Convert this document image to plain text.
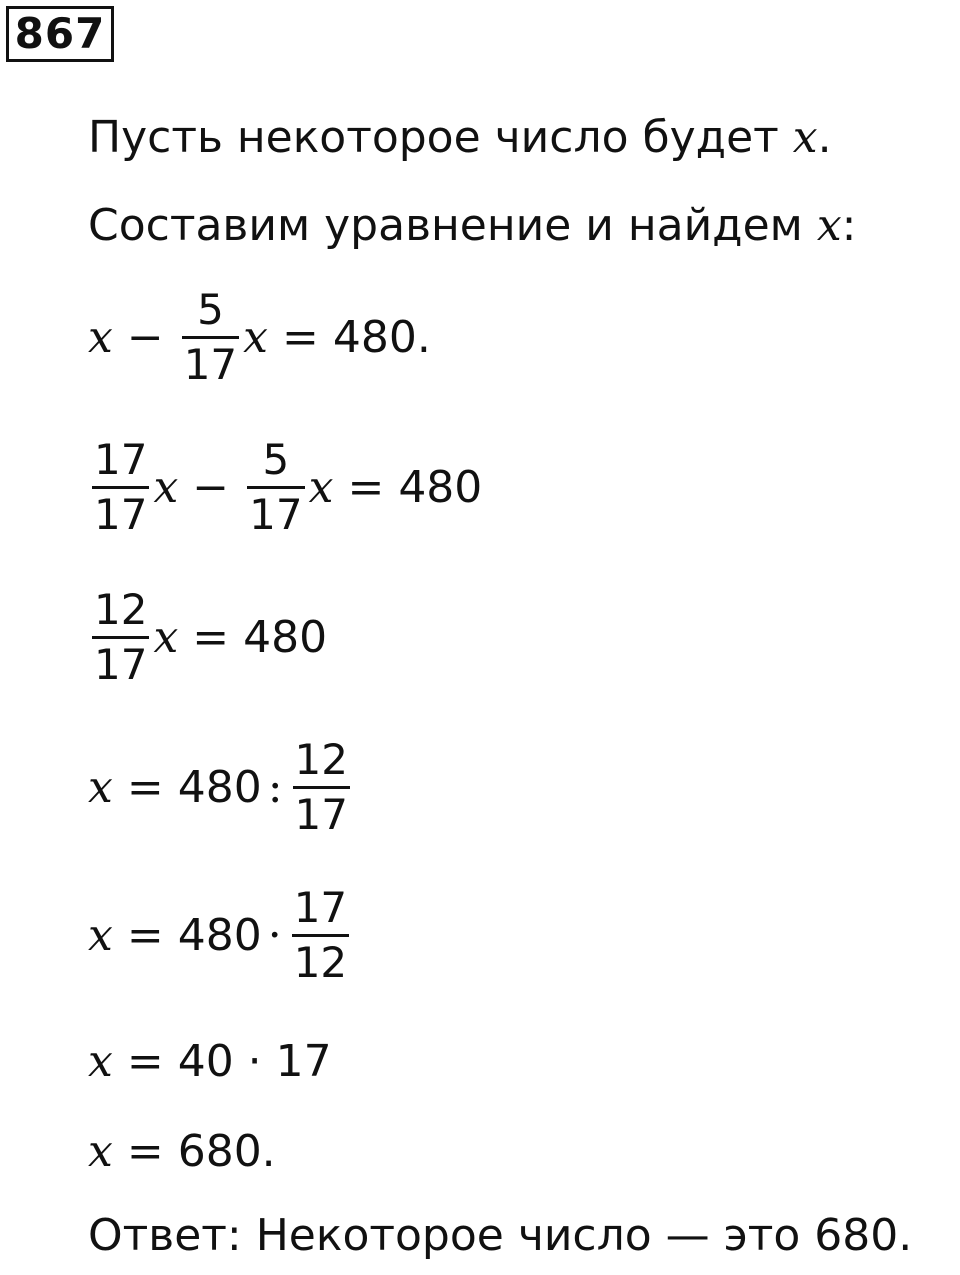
867
Пусть некоторое число будет x.
Составим уравнение и найдем x:
$x - \frac{5}{17}$ x = 480.
$\frac{17}{17}$ $x - \frac{5}{17}$ x = 480
$\frac{12}{17}$ x = 480
x = 480 : $\frac{12}{17}$
$x = 480 \cdot \frac{17}{12}$
x = 40 · 17
x = 680.
Ответ: Некоторое число — это 680.
